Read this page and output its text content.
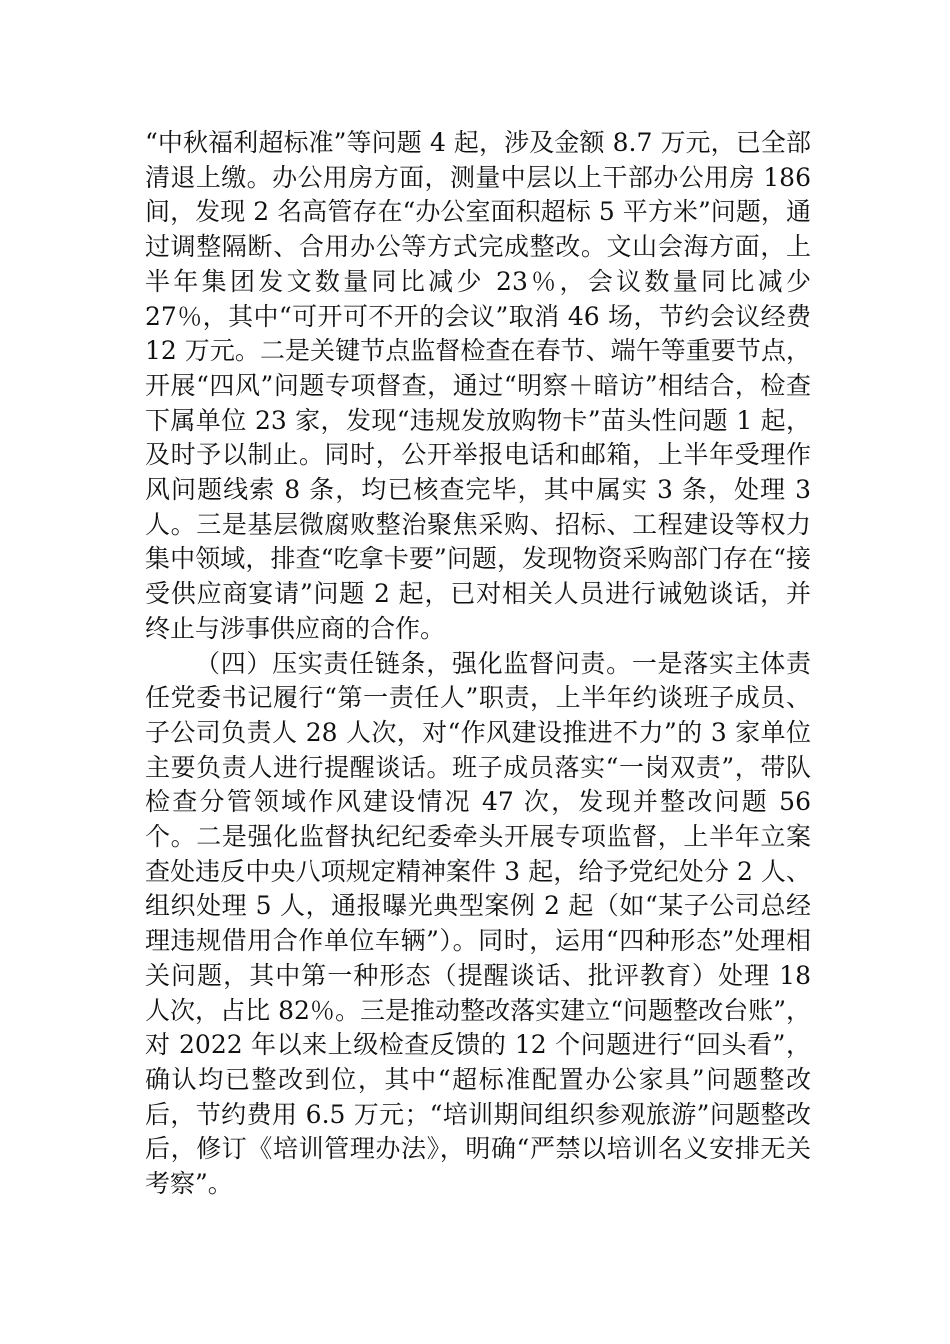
“中秋福利超标准”等问题 4 起，涉及金额 8.7 万元，已全部清退上缴。办公用房方面，测量中层以上干部办公用房 186 间，发现 2 名高管存在“办公室面积超标 5 平方米”问题，通过调整隔断、合用办公等方式完成整改。文山会海方面，上半年集团发文数量同比减少 23％，会议数量同比减少 27％，其中“可开可不开的会议”取消 46 场，节约会议经费 12 万元。二是关键节点监督检查在春节、端午等重要节点，开展“四风”问题专项督查，通过“明察＋暗访”相结合，检查下属单位 23 家，发现“违规发放购物卡”苗头性问题 1 起，及时予以制止。同时，公开举报电话和邮箱，上半年受理作风问题线索 8 条，均已核查完毕，其中属实 3 条，处理 3 人。三是基层微腐败整治聚焦采购、招标、工程建设等权力集中领域，排查“吃拿卡要”问题，发现物资采购部门存在“接受供应商宴请”问题 2 起，已对相关人员进行诫勉谈话，并终止与涉事供应商的合作。

（四）压实责任链条，强化监督问责。一是落实主体责任党委书记履行“第一责任人”职责，上半年约谈班子成员、子公司负责人 28 人次，对“作风建设推进不力”的 3 家单位主要负责人进行提醒谈话。班子成员落实“一岗双责”，带队检查分管领域作风建设情况 47 次，发现并整改问题 56 个。二是强化监督执纪纪委牵头开展专项监督，上半年立案查处违反中央八项规定精神案件 3 起，给予党纪处分 2 人、组织处理 5 人，通报曝光典型案例 2 起（如“某子公司总经理违规借用合作单位车辆”）。同时，运用“四种形态”处理相关问题，其中第一种形态（提醒谈话、批评教育）处理 18 人次，占比 82％。三是推动整改落实建立“问题整改台账”，对 2022 年以来上级检查反馈的 12 个问题进行“回头看”，确认均已整改到位，其中“超标准配置办公家具”问题整改后，节约费用 6.5 万元；“培训期间组织参观旅游”问题整改后，修订《培训管理办法》，明确“严禁以培训名义安排无关考察”。
